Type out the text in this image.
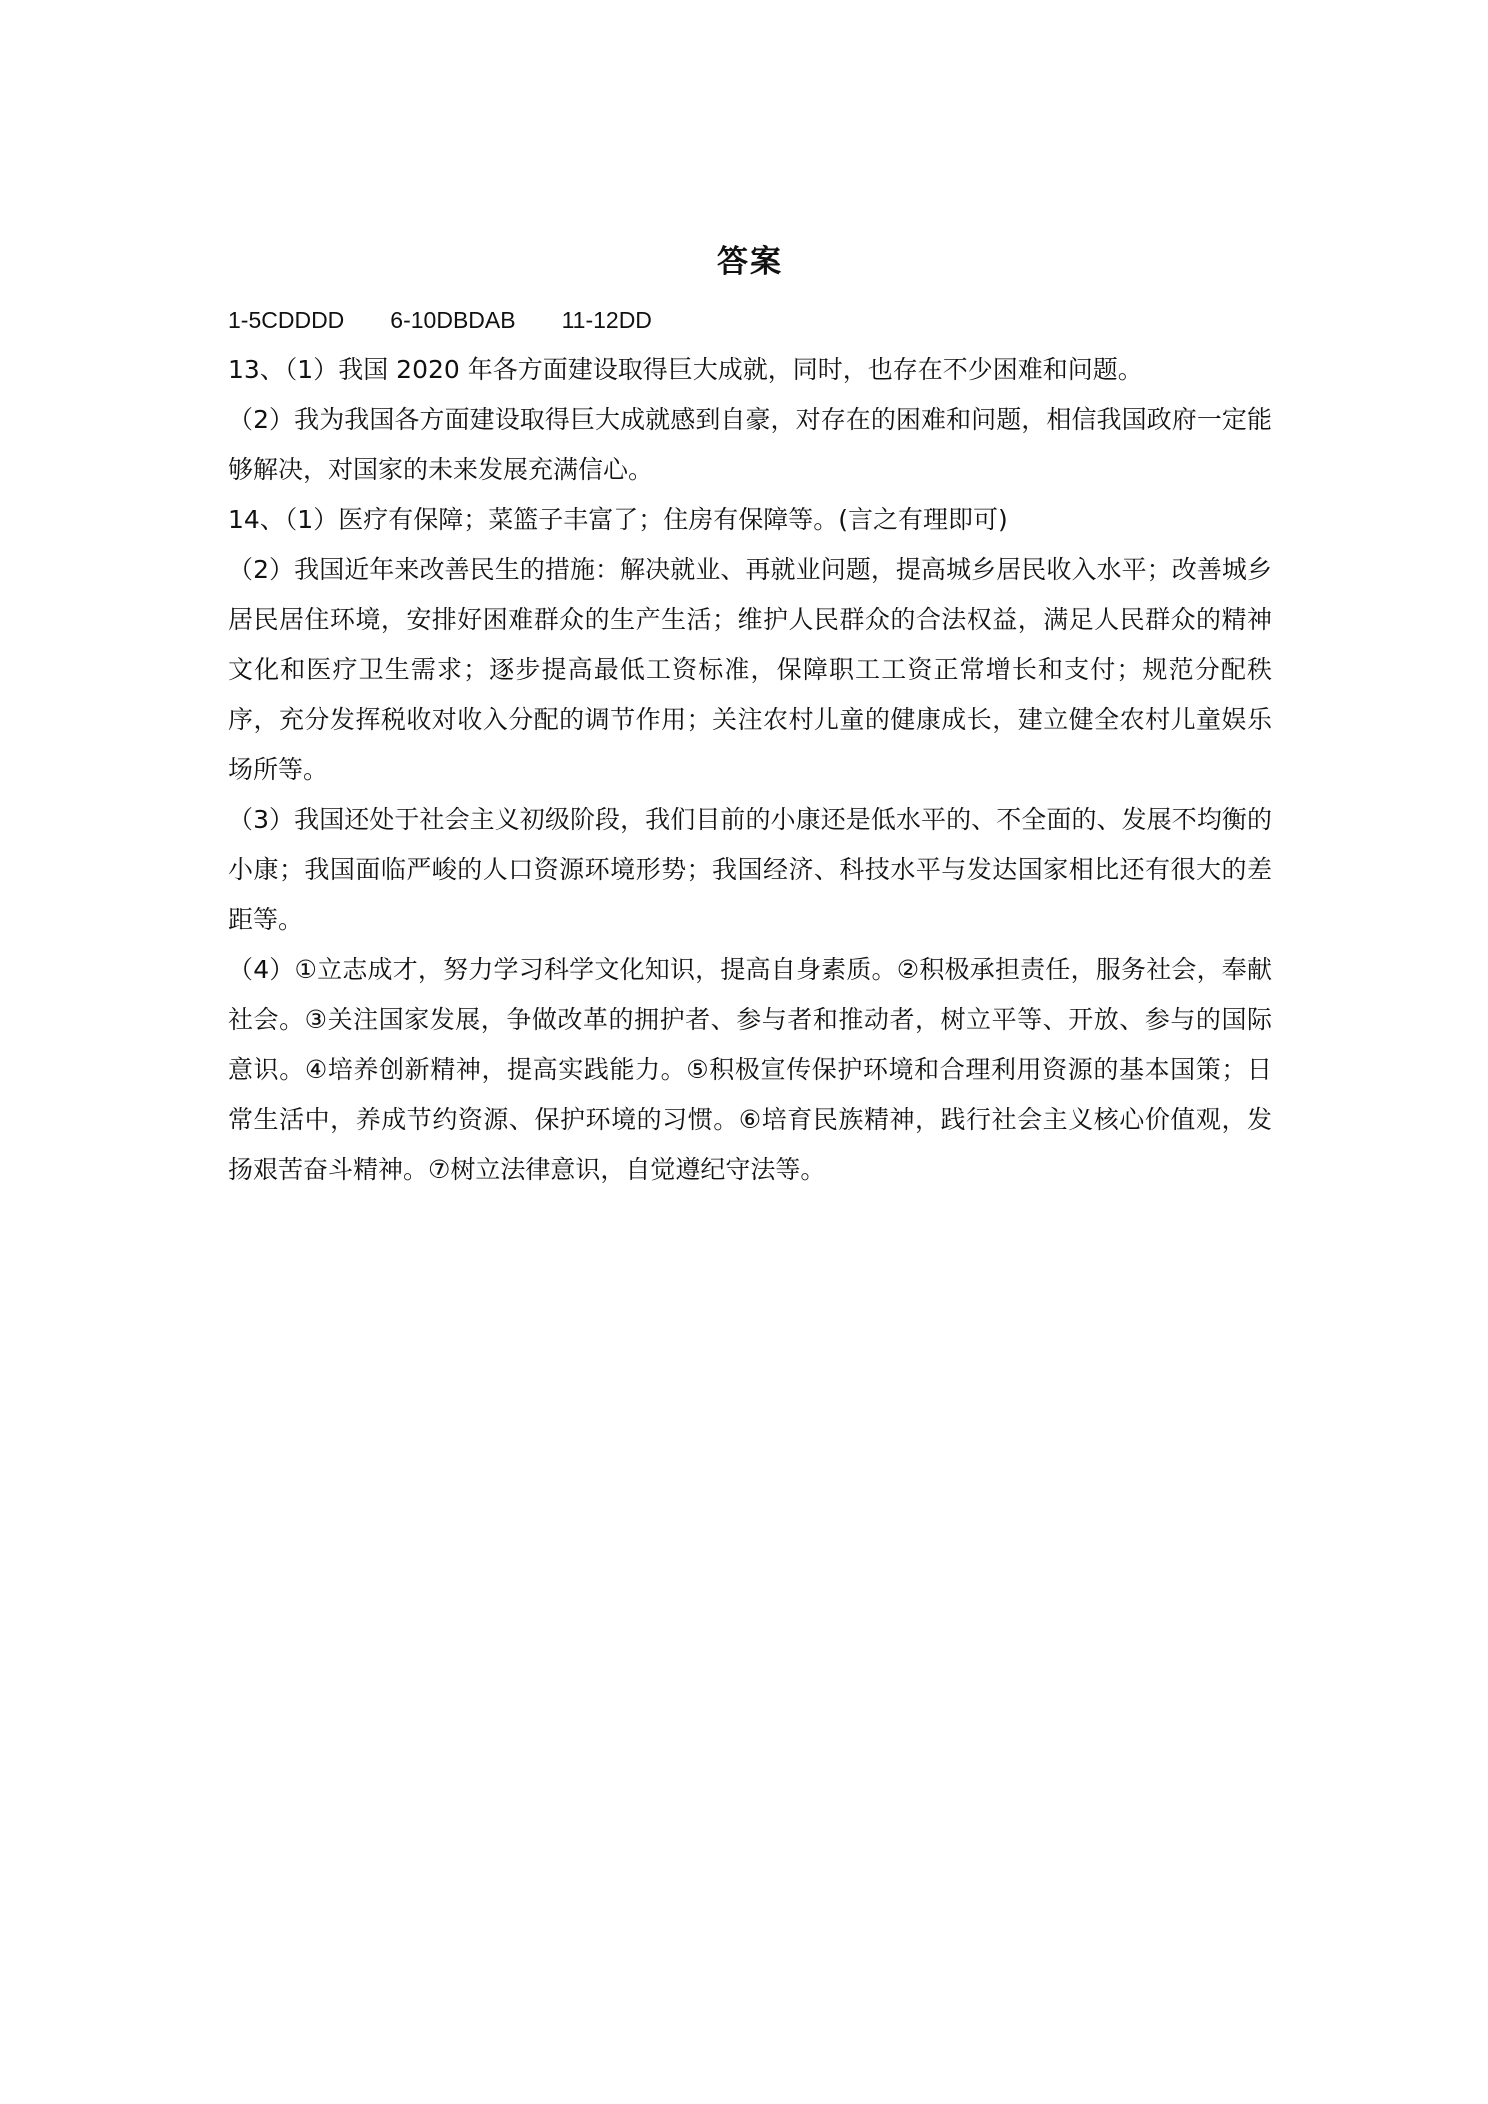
答案
1-5CDDDD 6-10DBDAB 11-12DD

13、（1）我国 2020 年各方面建设取得巨大成就，同时，也存在不少困难和问题。

（2）我为我国各方面建设取得巨大成就感到自豪，对存在的困难和问题，相信我国政府一定能够解决，对国家的未来发展充满信心。

14、（1）医疗有保障；菜篮子丰富了；住房有保障等。(言之有理即可)

（2）我国近年来改善民生的措施：解决就业、再就业问题，提高城乡居民收入水平；改善城乡居民居住环境，安排好困难群众的生产生活；维护人民群众的合法权益，满足人民群众的精神文化和医疗卫生需求；逐步提高最低工资标准，保障职工工资正常增长和支付；规范分配秩序，充分发挥税收对收入分配的调节作用；关注农村儿童的健康成长，建立健全农村儿童娱乐场所等。

（3）我国还处于社会主义初级阶段，我们目前的小康还是低水平的、不全面的、发展不均衡的小康；我国面临严峻的人口资源环境形势；我国经济、科技水平与发达国家相比还有很大的差距等。

（4）①立志成才，努力学习科学文化知识，提高自身素质。②积极承担责任，服务社会，奉献社会。③关注国家发展，争做改革的拥护者、参与者和推动者，树立平等、开放、参与的国际意识。④培养创新精神，提高实践能力。⑤积极宣传保护环境和合理利用资源的基本国策；日常生活中，养成节约资源、保护环境的习惯。⑥培育民族精神，践行社会主义核心价值观，发扬艰苦奋斗精神。⑦树立法律意识，自觉遵纪守法等。
